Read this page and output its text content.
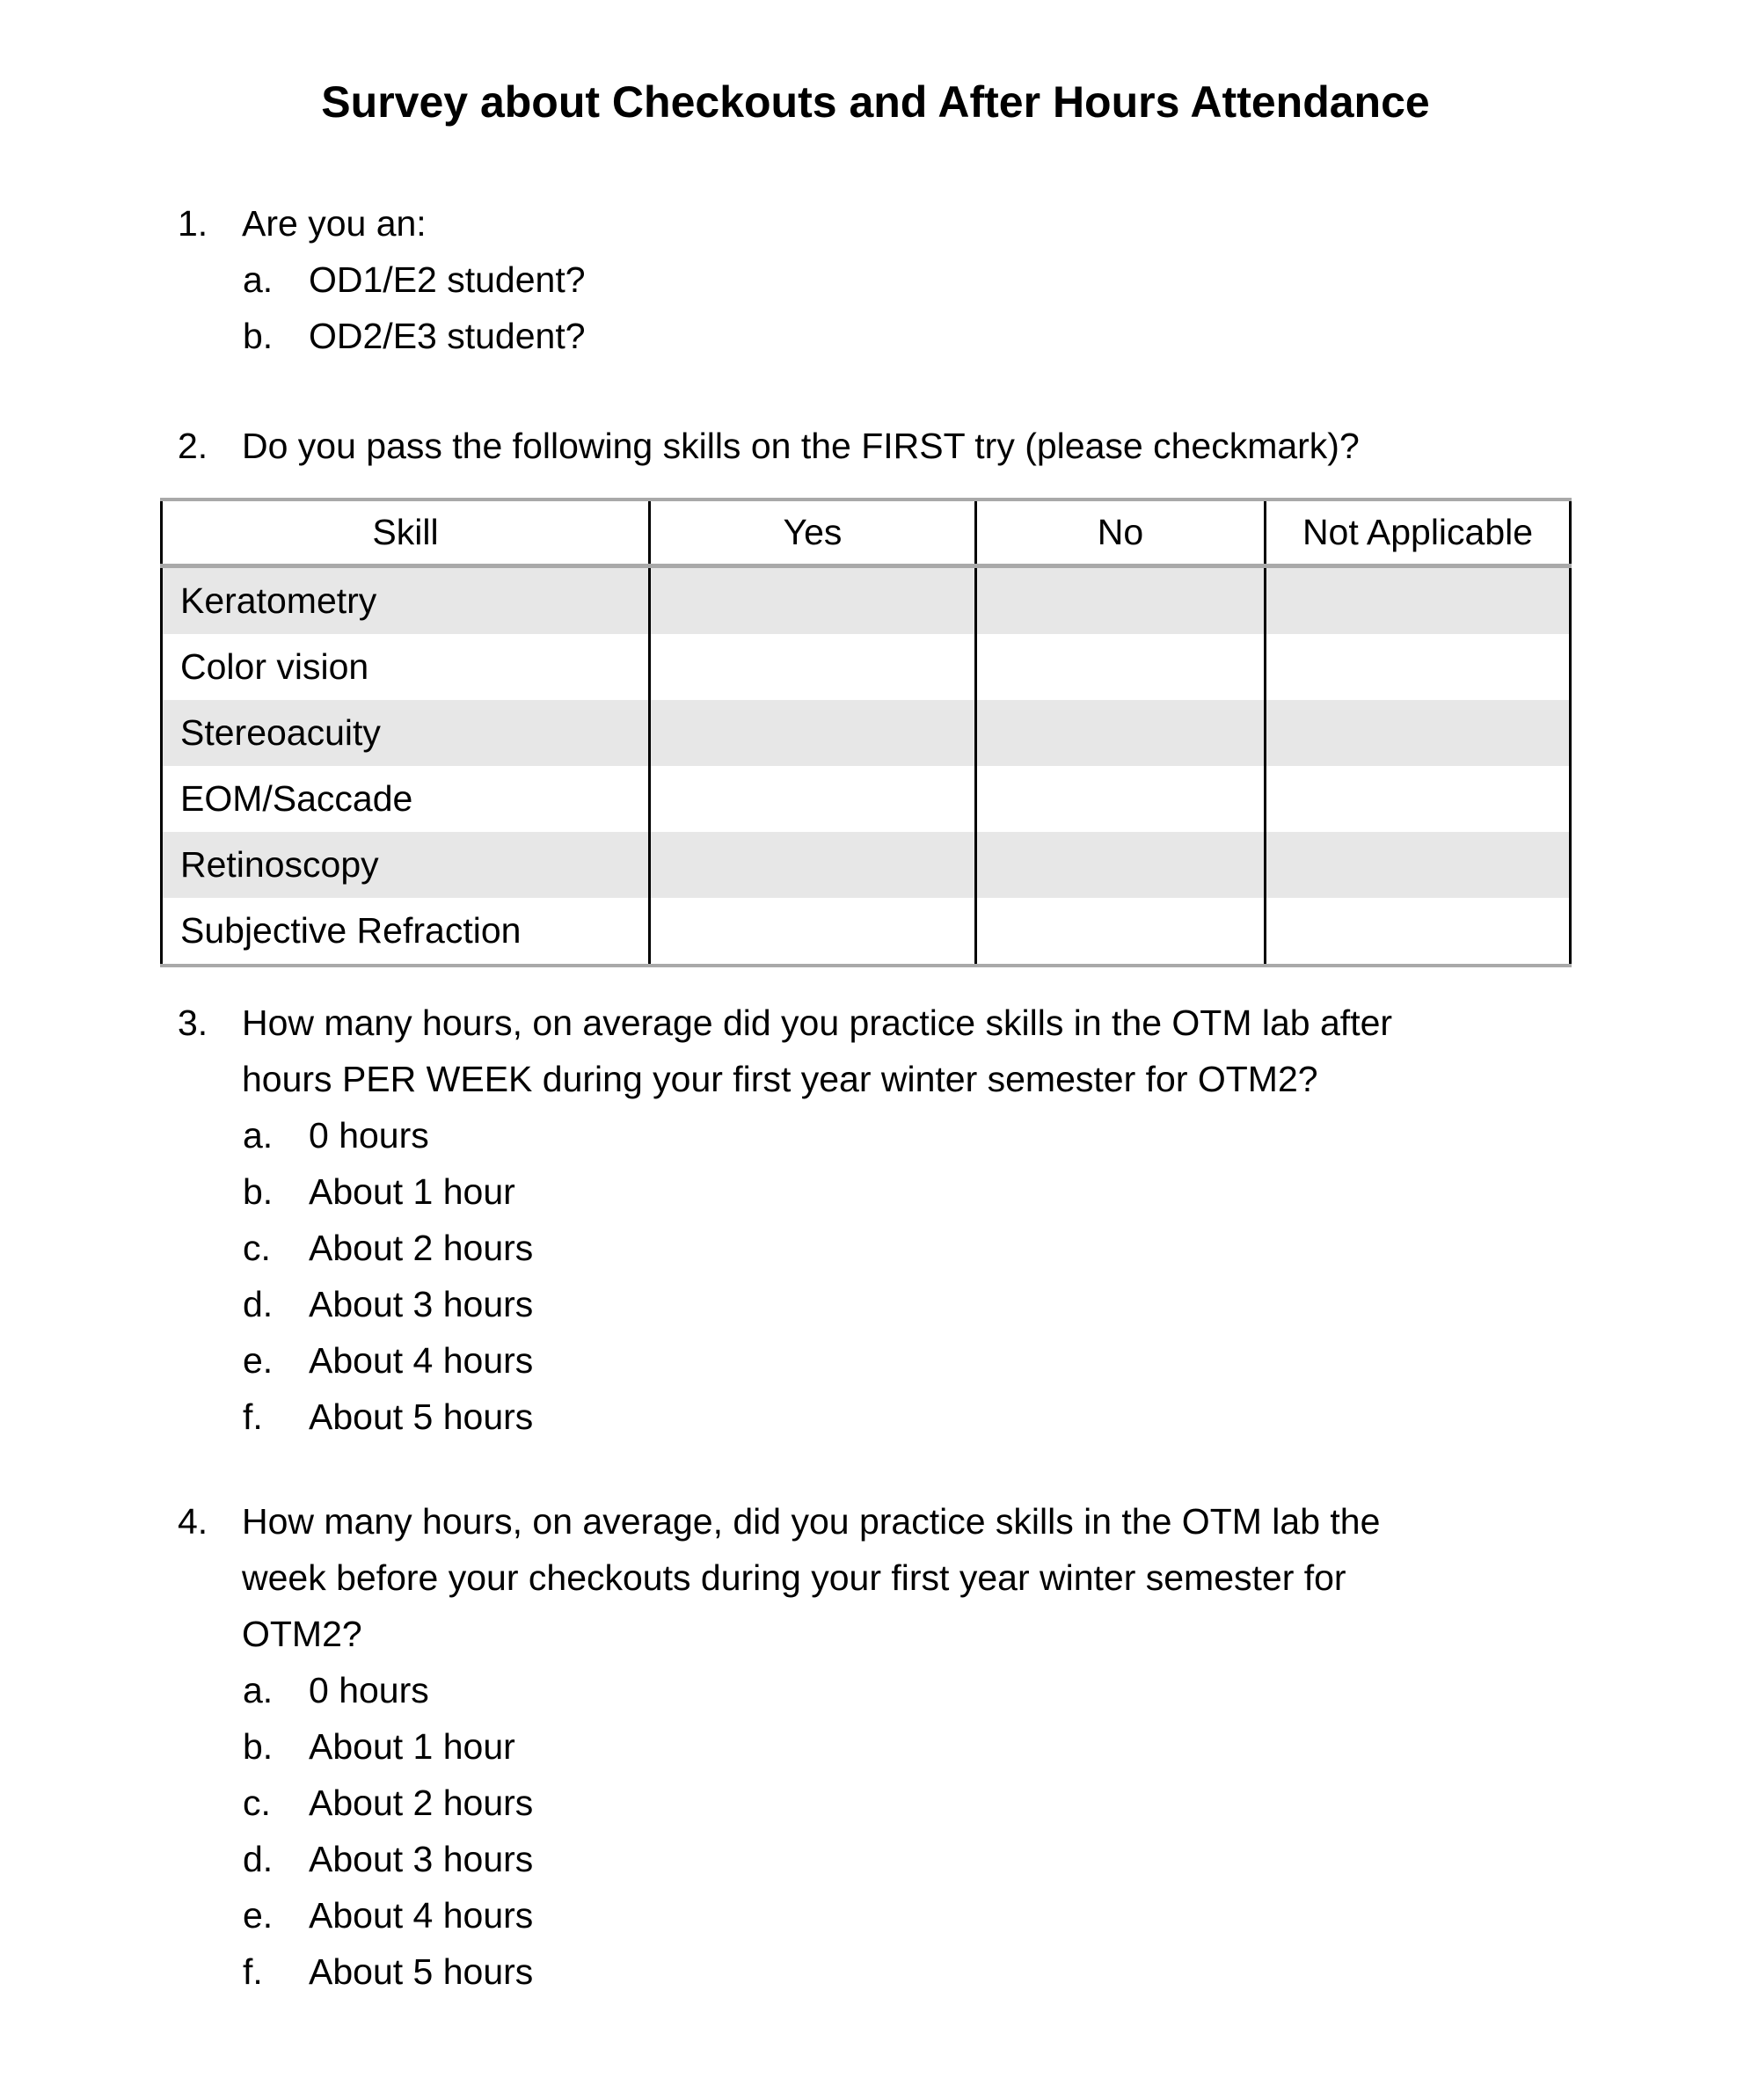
Survey about Checkouts and After Hours Attendance
1. Are you an:
a. OD1/E2 student?
b. OD2/E3 student?
2. Do you pass the following skills on the FIRST try (please checkmark)?
Skill	Yes	No	Not Applicable
Keratometry
Color vision
Stereoacuity
EOM/Saccade
Retinoscopy
Subjective Refraction
3. How many hours, on average did you practice skills in the OTM lab after
hours PER WEEK during your first year winter semester for OTM2?
a. 0 hours
b. About 1 hour
c. About 2 hours
d. About 3 hours
e. About 4 hours
f. About 5 hours
4. How many hours, on average, did you practice skills in the OTM lab the
week before your checkouts during your first year winter semester for
OTM2?
a. 0 hours
b. About 1 hour
c. About 2 hours
d. About 3 hours
e. About 4 hours
f. About 5 hours
